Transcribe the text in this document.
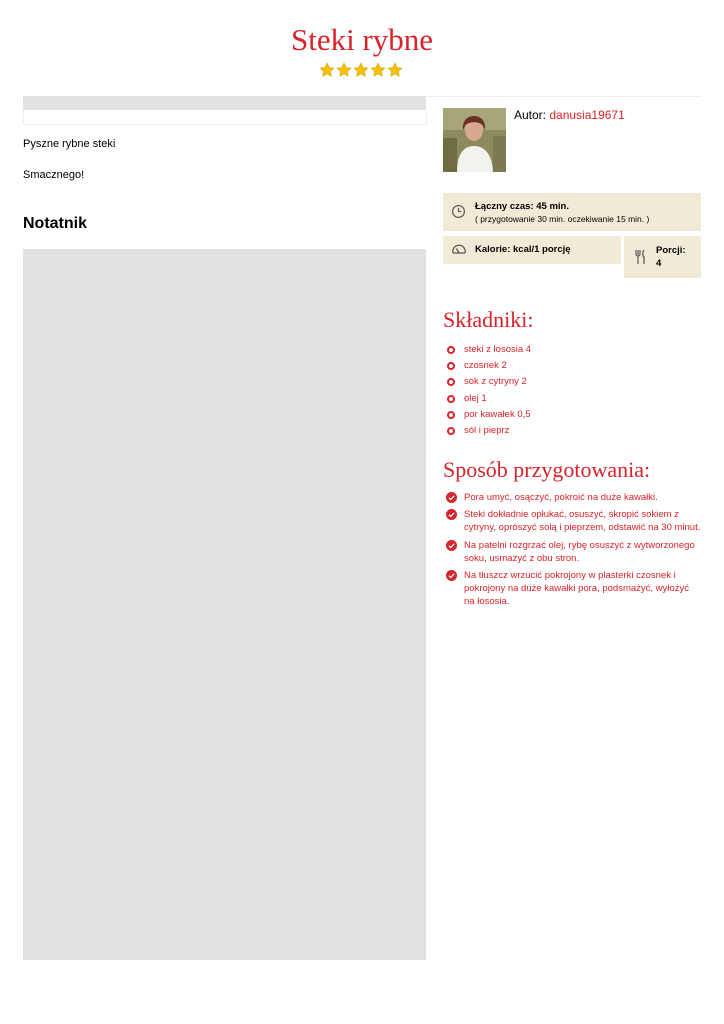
Steki rybne
Pyszne rybne steki
Smacznego!
Notatnik
Autor: danusia19671
Łączny czas: 45 min.
( przygotowanie 30 min. oczekiwanie 15 min. )
Kalorie: kcal/1 porcję	Porcji:
4
Składniki:
steki z łososia 4
czosnek 2
sok z cytryny 2
olej 1
por kawałek 0,5
sól i pieprz
Sposób przygotowania:
Pora umyć, osączyć, pokroić na duże kawałki.
Steki dokładnie opłukać, osuszyć, skropić sokiem z cytryny, oprószyć solą i pieprzem, odstawić na 30 minut.
Na patelni rozgrzać olej, rybę osuszyć z wytworzonego soku, usmażyć z obu stron.
Na tłuszcz wrzucić pokrojony w plasterki czosnek i pokrojony na duże kawałki pora, podsmażyć, wyłożyć na łososia.
